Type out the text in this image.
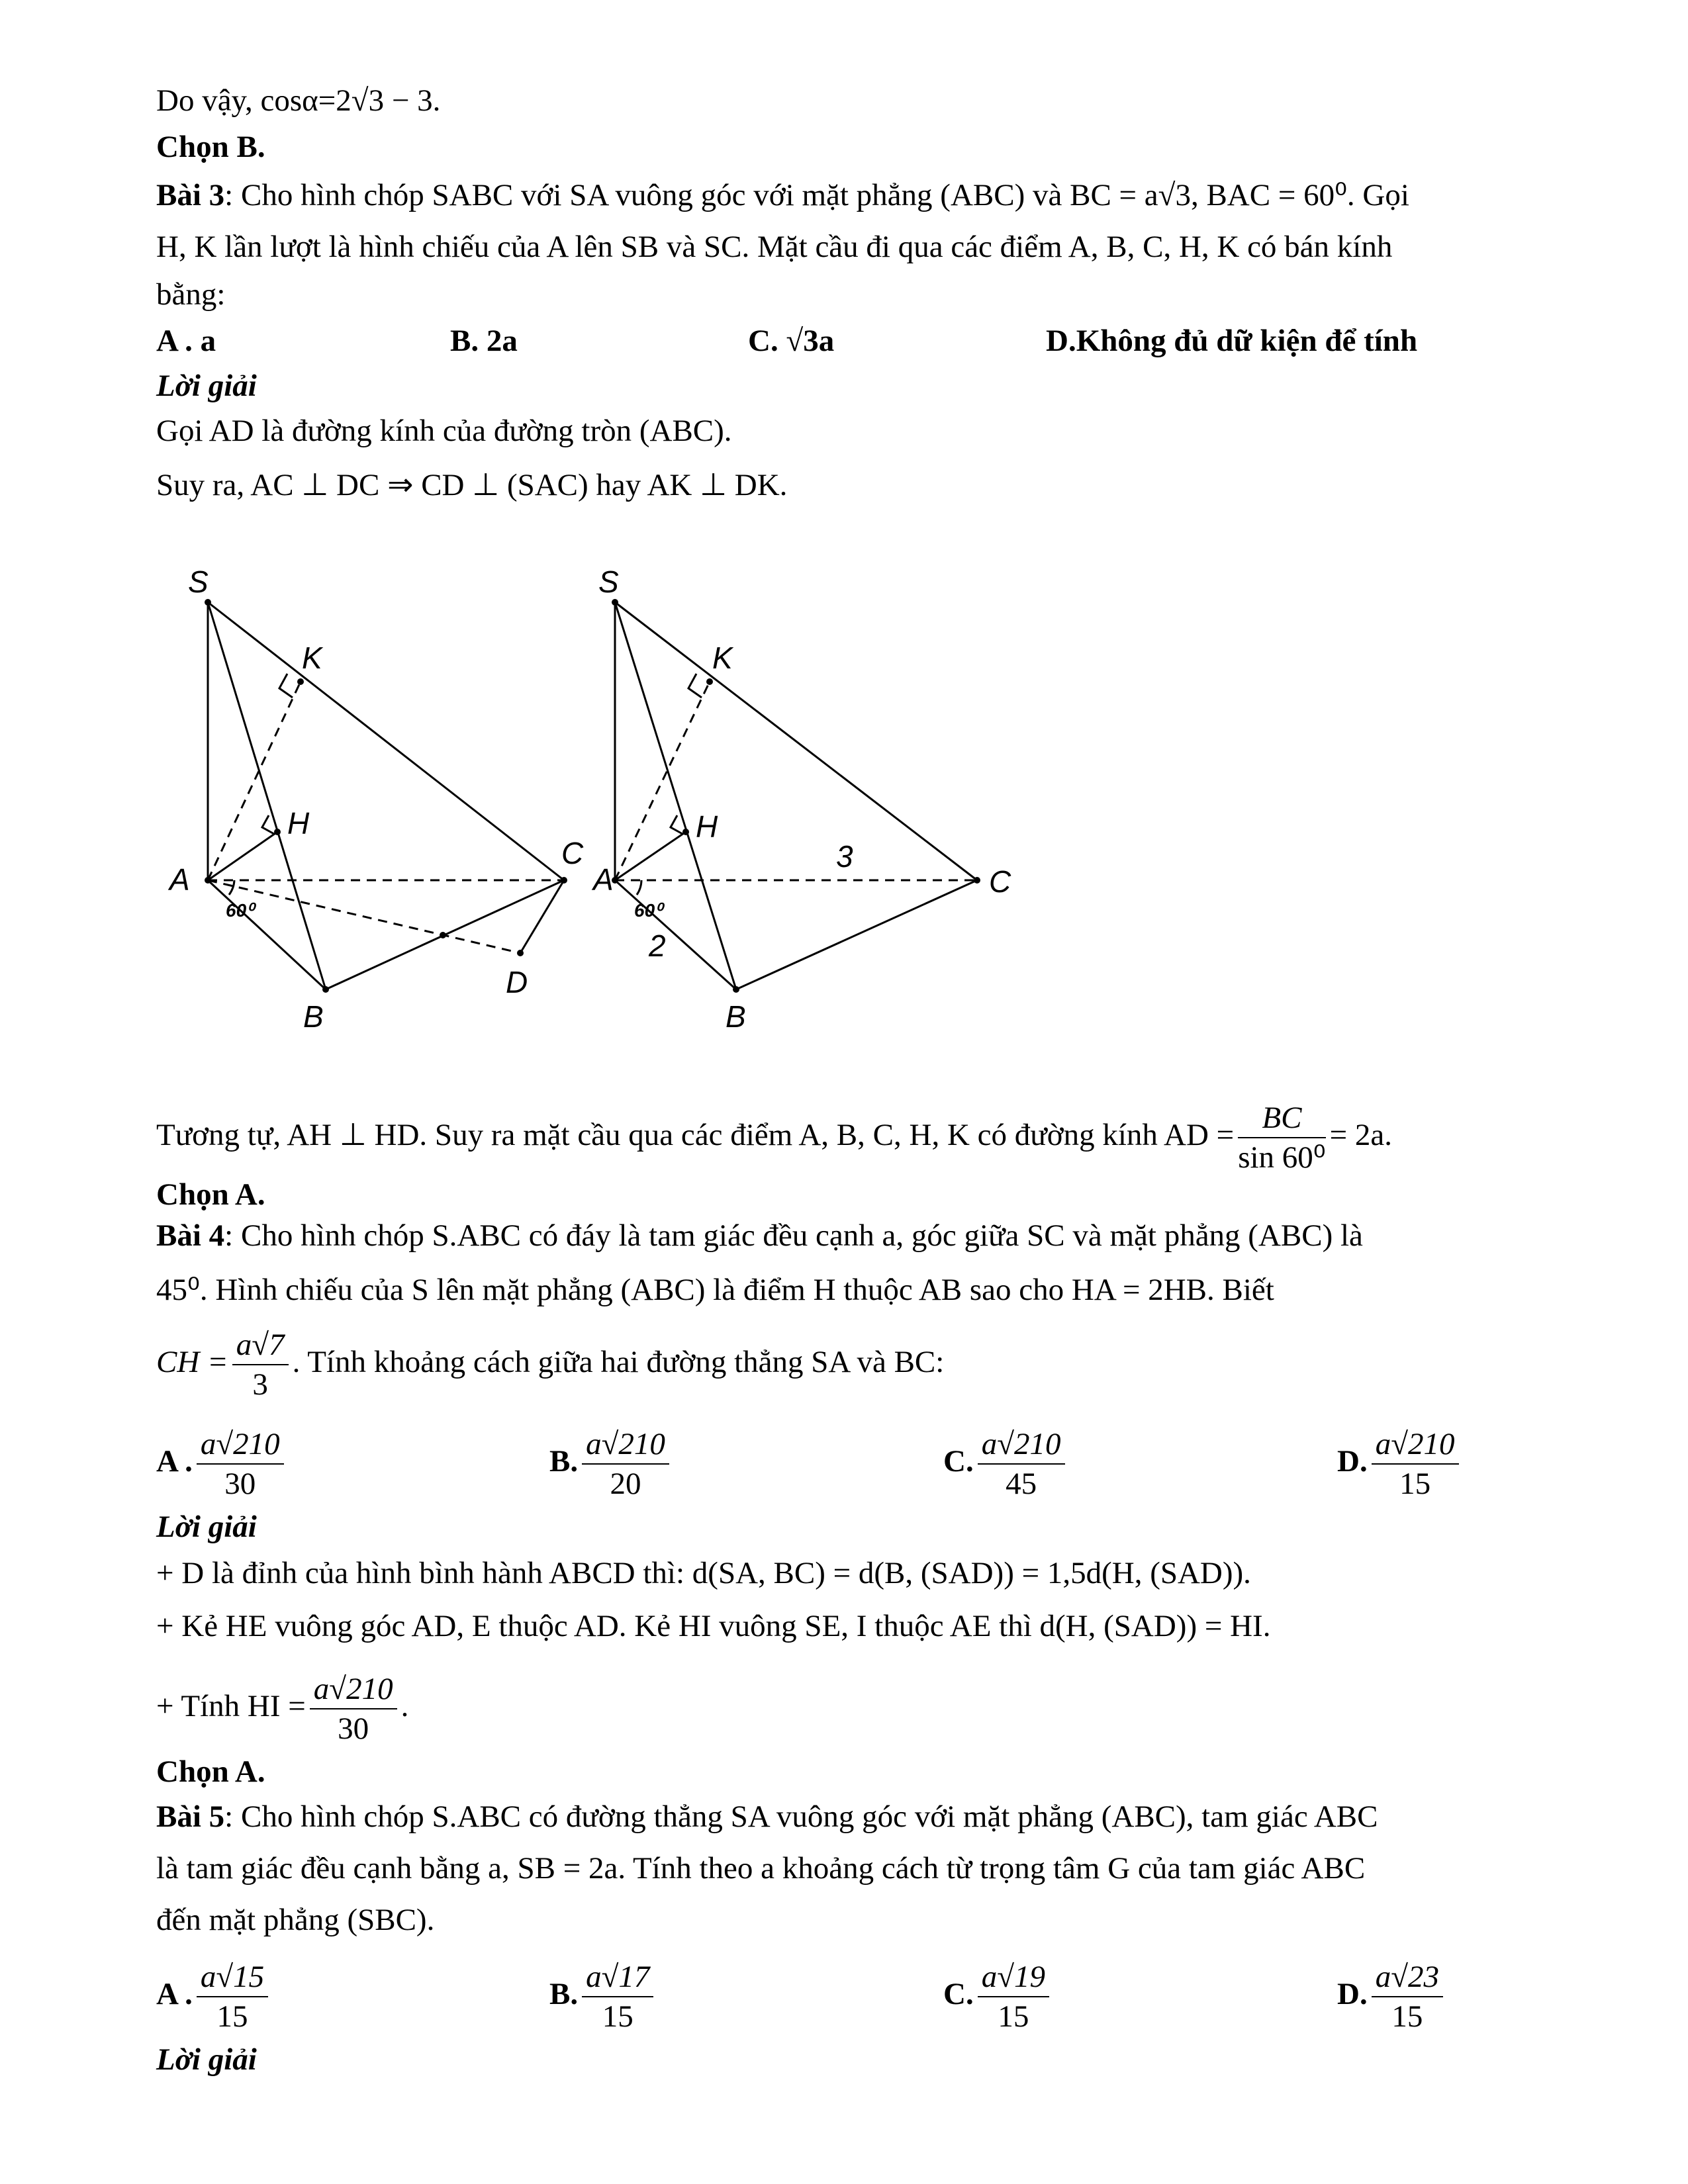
Do vậy, cosα=2√3 − 3.
Chọn B.
Bài 3: Cho hình chóp SABC với SA vuông góc với mặt phẳng (ABC) và BC = a√3, BAC = 60⁰. Gọi
H, K lần lượt là hình chiếu của A lên SB và SC. Mặt cầu đi qua các điểm A, B, C, H, K có bán kính
bằng:
A . a	B. 2a	C. √3a	D.Không đủ dữ kiện để tính
Lời giải
Gọi AD là đường kính của đường tròn (ABC).
Suy ra, AC ⊥ DC ⇒ CD ⊥ (SAC) hay AK ⊥ DK.
S
K
H
A
C
B
D
60⁰
S
K
H
A	C
B
60⁰
3
2
Tương tự, AH ⊥ HD. Suy ra mặt cầu qua các điểm A, B, C, H, K có đường kính AD = $\frac{BC}{\text{sin 60⁰}} = 2a$.
Chọn A.
Bài 4: Cho hình chóp S.ABC có đáy là tam giác đều cạnh a, góc giữa SC và mặt phẳng (ABC) là
45⁰. Hình chiếu của S lên mặt phẳng (ABC) là điểm H thuộc AB sao cho HA = 2HB. Biết
CH = $\frac{a√7}{3}$ . Tính khoảng cách giữa hai đường thẳng SA và BC:
A . $\frac{a√210}{30}$	B. $\frac{a√210}{20}$	C. $\frac{a√210}{45}$	D. $\frac{a√210}{15}$
Lời giải
+ D là đỉnh của hình bình hành ABCD thì: d(SA, BC) = d(B, (SAD)) = 1,5d(H, (SAD)).
+ Kẻ HE vuông góc AD, E thuộc AD. Kẻ HI vuông SE, I thuộc AE thì d(H, (SAD)) = HI.
+ Tính HI = $\frac{a√210}{30}$ .
Chọn A.
Bài 5: Cho hình chóp S.ABC có đường thẳng SA vuông góc với mặt phẳng (ABC), tam giác ABC
là tam giác đều cạnh bằng a, SB = 2a. Tính theo a khoảng cách từ trọng tâm G của tam giác ABC
đến mặt phẳng (SBC).
A . $\frac{a√15}{15}$	B. $\frac{a√17}{15}$	C. $\frac{a√19}{15}$	D. $\frac{a√23}{15}$
Lời giải
